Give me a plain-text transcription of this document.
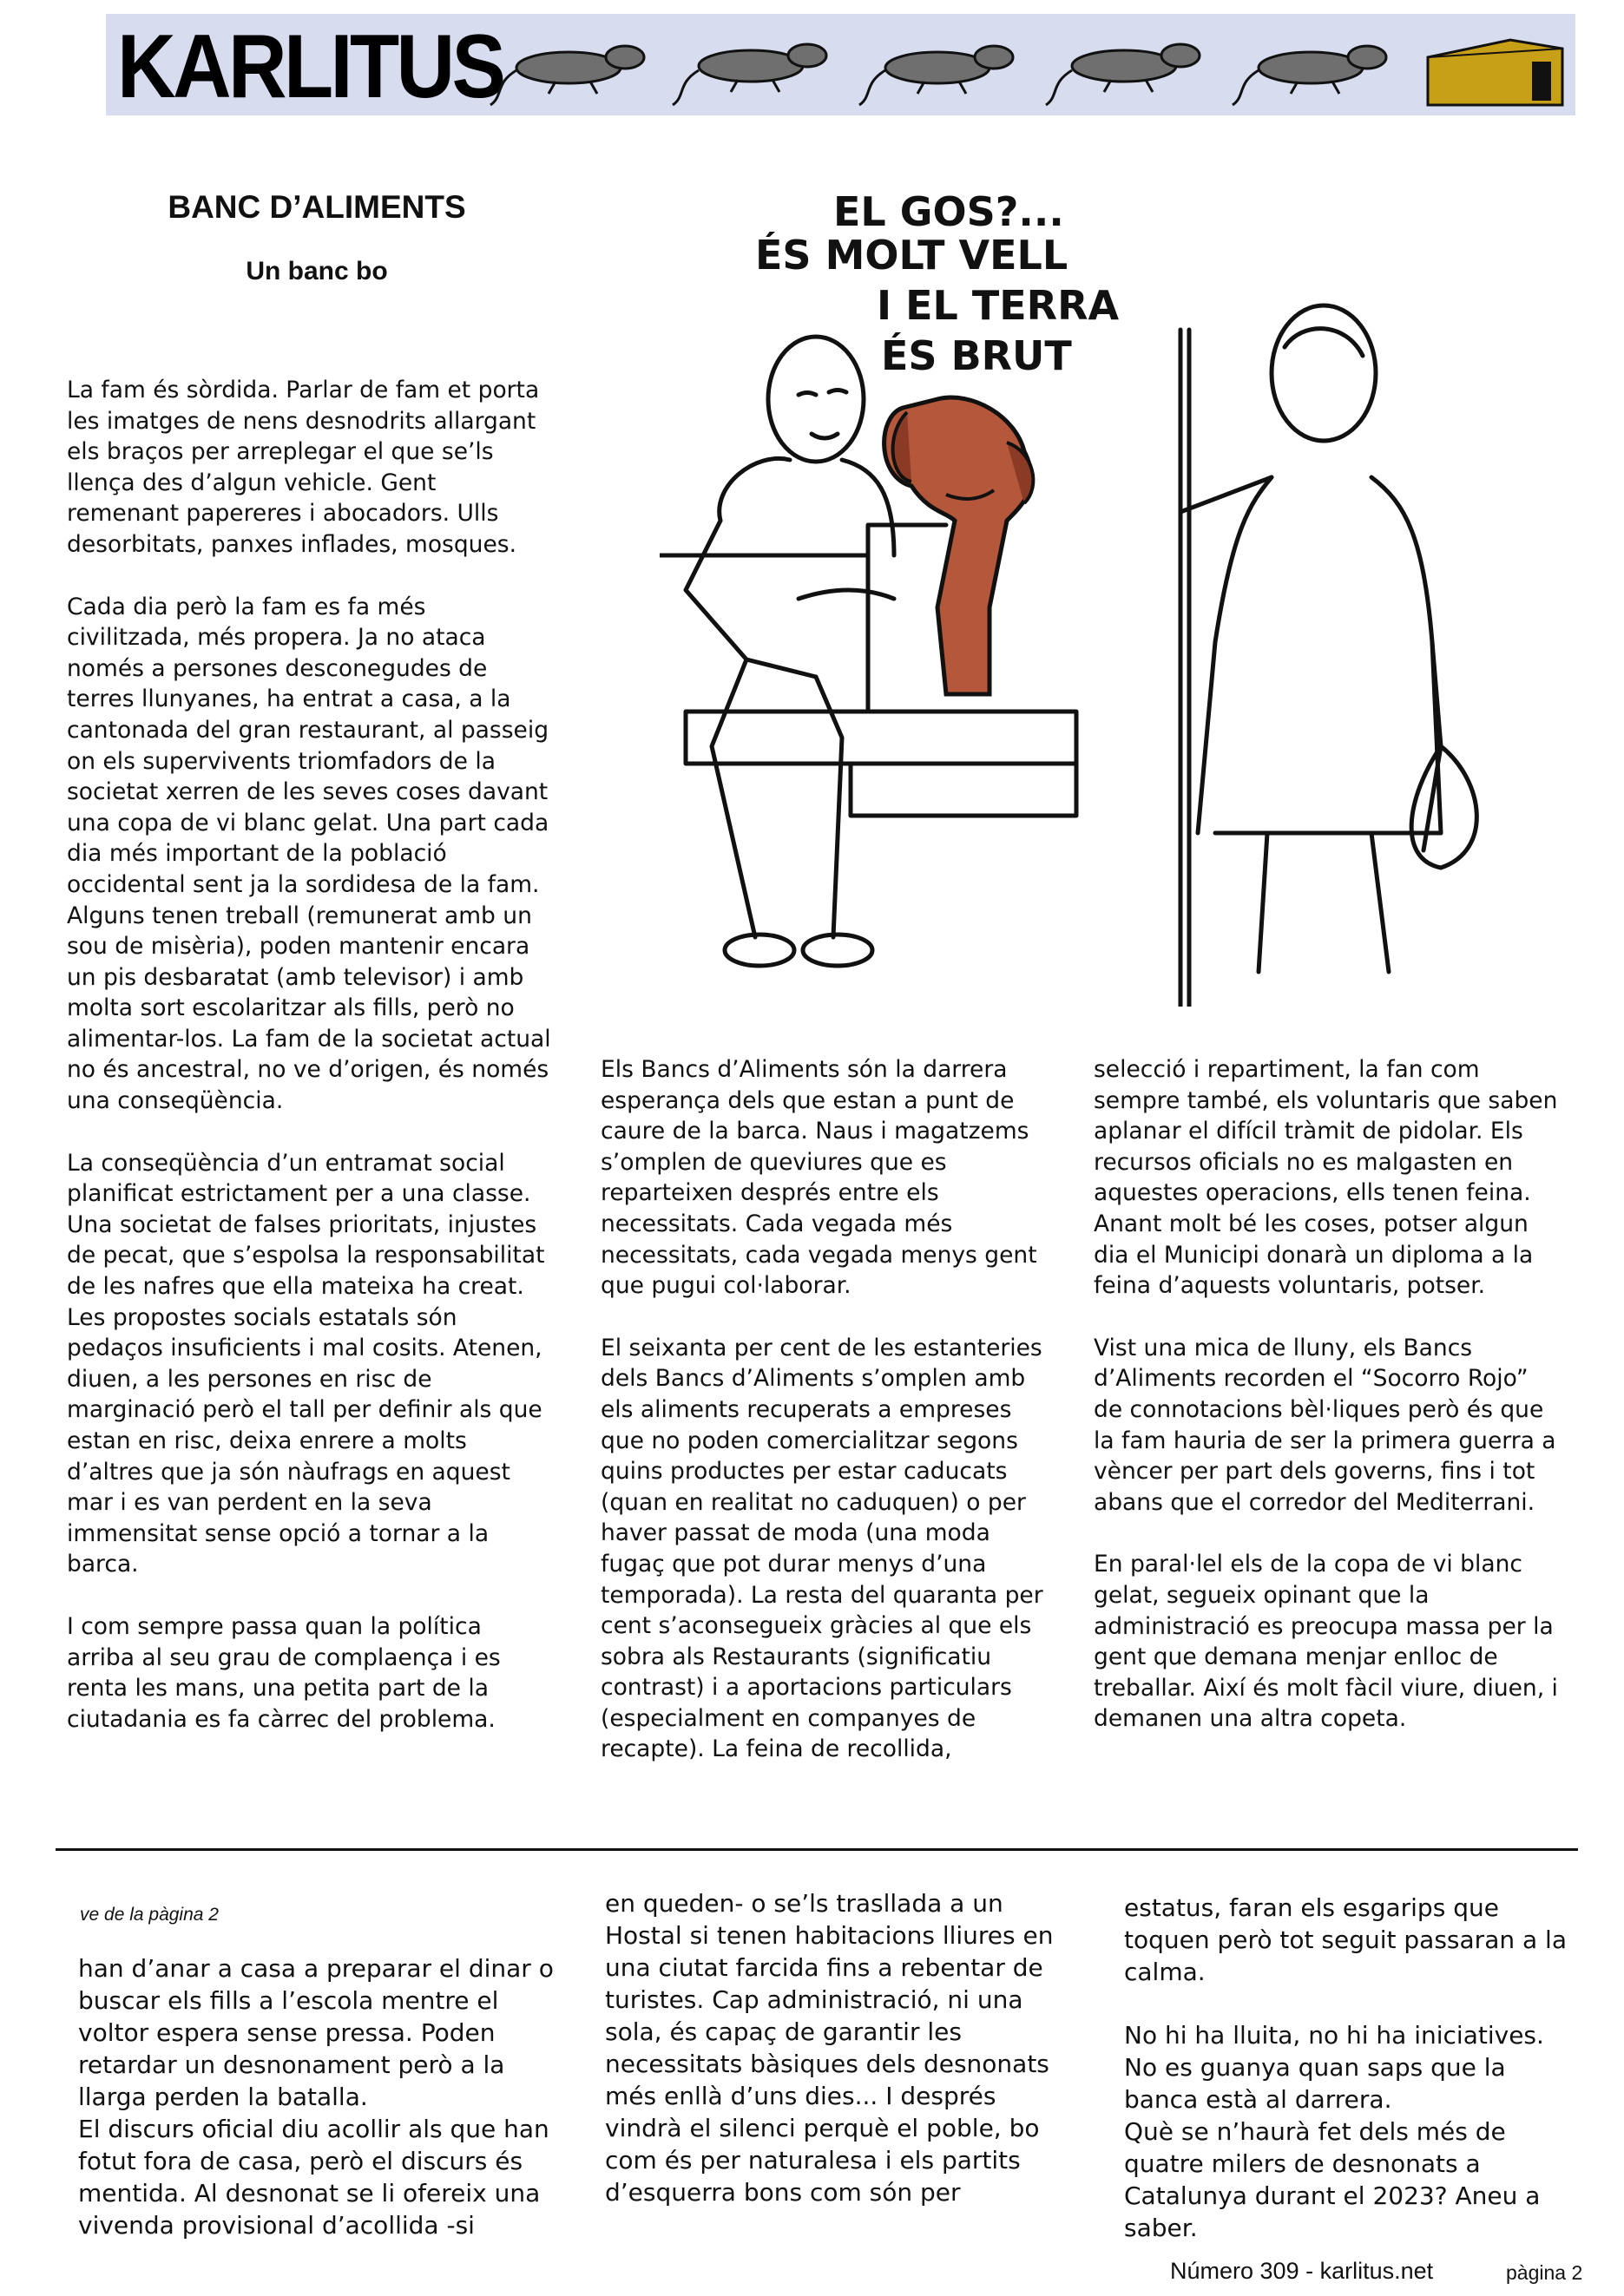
KARLITUS
BANC D’ALIMENTS
Un banc bo

La fam és sòrdida. Parlar de fam et porta les imatges de nens desnodrits allargant els braços per arreplegar el que se’ls llença des d’algun vehicle. Gent remenant papereres i abocadors. Ulls desorbitats, panxes inflades, mosques.

Cada dia però la fam es fa més civilitzada, més propera. Ja no ataca només a persones desconegudes de terres llunyanes, ha entrat a casa, a la cantonada del gran restaurant, al passeig on els supervivents triomfadors de la societat xerren de les seves coses davant una copa de vi blanc gelat. Una part cada dia més important de la població occidental sent ja la sordidesa de la fam. Alguns tenen treball (remunerat amb un sou de misèria), poden mantenir encara un pis desbaratat (amb televisor) i amb molta sort escolaritzar als fills, però no alimentar-los. La fam de la societat actual no és ancestral, no ve d’origen, és només una conseqüència.

La conseqüència d’un entramat social planificat estrictament per a una classe. Una societat de falses prioritats, injustes de pecat, que s’espolsa la responsabilitat de les nafres que ella mateixa ha creat. Les propostes socials estatals són pedaços insuficients i mal cosits. Atenen, diuen, a les persones en risc de marginació però el tall per definir als que estan en risc, deixa enrere a molts d’altres que ja són nàufrags en aquest mar i es van perdent en la seva immensitat sense opció a tornar a la barca.

I com sempre passa quan la política arriba al seu grau de complaença i es renta les mans, una petita part de la ciutadania es fa càrrec del problema.

EL GOS?...
ÉS MOLT VELL
I EL TERRA
ÉS BRUT

Els Bancs d’Aliments són la darrera esperança dels que estan a punt de caure de la barca. Naus i magatzems s’omplen de queviures que es reparteixen després entre els necessitats. Cada vegada més necessitats, cada vegada menys gent que pugui col·laborar.

El seixanta per cent de les estanteries dels Bancs d’Aliments s’omplen amb els aliments recuperats a empreses que no poden comercialitzar segons quins productes per estar caducats (quan en realitat no caduquen) o per haver passat de moda (una moda fugaç que pot durar menys d’una temporada). La resta del quaranta per cent s’aconsegueix gràcies al que els sobra als Restaurants (significatiu contrast) i a aportacions particulars (especialment en companyes de recapte). La feina de recollida,

selecció i repartiment, la fan com sempre també, els voluntaris que saben aplanar el difícil tràmit de pidolar. Els recursos oficials no es malgasten en aquestes operacions, ells tenen feina. Anant molt bé les coses, potser algun dia el Municipi donarà un diploma a la feina d’aquests voluntaris, potser.

Vist una mica de lluny, els Bancs d’Aliments recorden el “Socorro Rojo” de connotacions bèl·liques però és que la fam hauria de ser la primera guerra a vèncer per part dels governs, fins i tot abans que el corredor del Mediterrani.

En paral·lel els de la copa de vi blanc gelat, segueix opinant que la administració es preocupa massa per la gent que demana menjar enlloc de treballar. Així és molt fàcil viure, diuen, i demanen una altra copeta.

ve de la pàgina 2

han d’anar a casa a preparar el dinar o buscar els fills a l’escola mentre el voltor espera sense pressa. Poden retardar un desnonament però a la llarga perden la batalla.
El discurs oficial diu acollir als que han fotut fora de casa, però el discurs és mentida. Al desnonat se li ofereix una vivenda provisional d’acollida -si

en queden- o se’ls trasllada a un Hostal si tenen habitacions lliures en una ciutat farcida fins a rebentar de turistes. Cap administració, ni una sola, és capaç de garantir les necessitats bàsiques dels desnonats més enllà d’uns dies... I després vindrà el silenci perquè el poble, bo com és per naturalesa i els partits d’esquerra bons com són per

estatus, faran els esgarips que toquen però tot seguit passaran a la calma.

No hi ha lluita, no hi ha iniciatives. No es guanya quan saps que la banca està al darrera.
Què se n’haurà fet dels més de quatre milers de desnonats a Catalunya durant el 2023? Aneu a saber.

Número 309 - karlitus.net	pàgina 2
